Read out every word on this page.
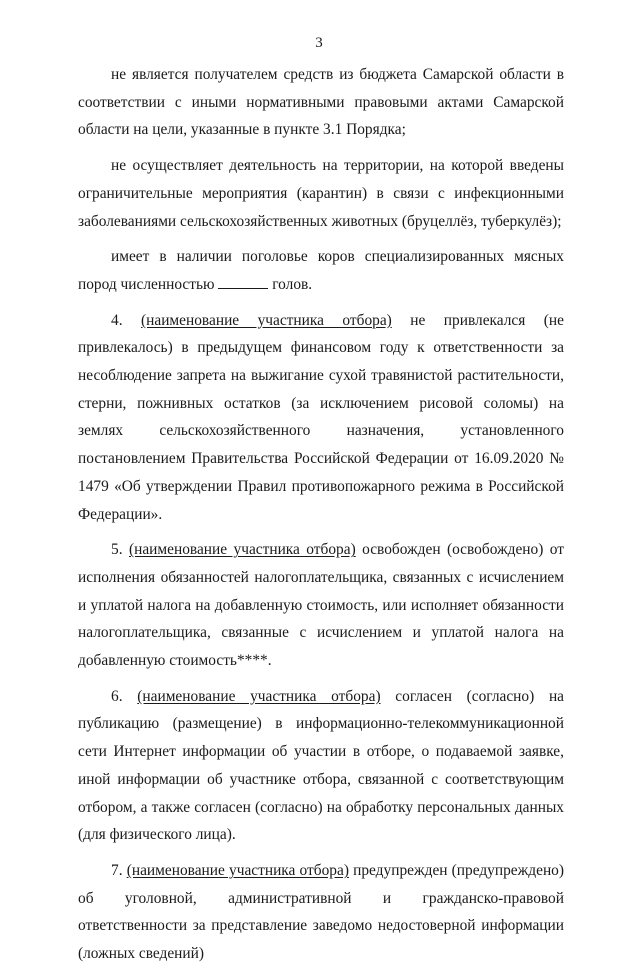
3

не является получателем средств из бюджета Самарской области в соответствии с иными нормативными правовыми актами Самарской области на цели, указанные в пункте 3.1 Порядка;

не осуществляет деятельность на территории, на которой введены ограничительные мероприятия (карантин) в связи с инфекционными заболеваниями сельскохозяйственных животных (бруцеллёз, туберкулёз);

имеет в наличии поголовье коров специализированных мясных пород численностью	голов.

4. (наименование участника отбора) не привлекался (не привлекалось) в предыдущем финансовом году к ответственности за несоблюдение запрета на выжигание сухой травянистой растительности, стерни, пожнивных остатков (за исключением рисовой соломы) на землях сельскохозяйственного назначения, установленного постановлением Правительства Российской Федерации от 16.09.2020 № 1479 «Об утверждении Правил противопожарного режима в Российской Федерации».

5. (наименование участника отбора) освобожден (освобождено) от исполнения обязанностей налогоплательщика, связанных с исчислением и уплатой налога на добавленную стоимость, или исполняет обязанности налогоплательщика, связанные с исчислением и уплатой налога на добавленную стоимость****.

6. (наименование участника отбора) согласен (согласно) на публикацию (размещение) в информационно-телекоммуникационной сети Интернет информации об участии в отборе, о подаваемой заявке, иной информации об участнике отбора, связанной с соответствующим отбором, а также согласен (согласно) на обработку персональных данных (для физического лица).

7. (наименование участника отбора) предупрежден (предупреждено) об уголовной, административной и гражданско-правовой ответственности за представление заведомо недостоверной информации (ложных сведений)
